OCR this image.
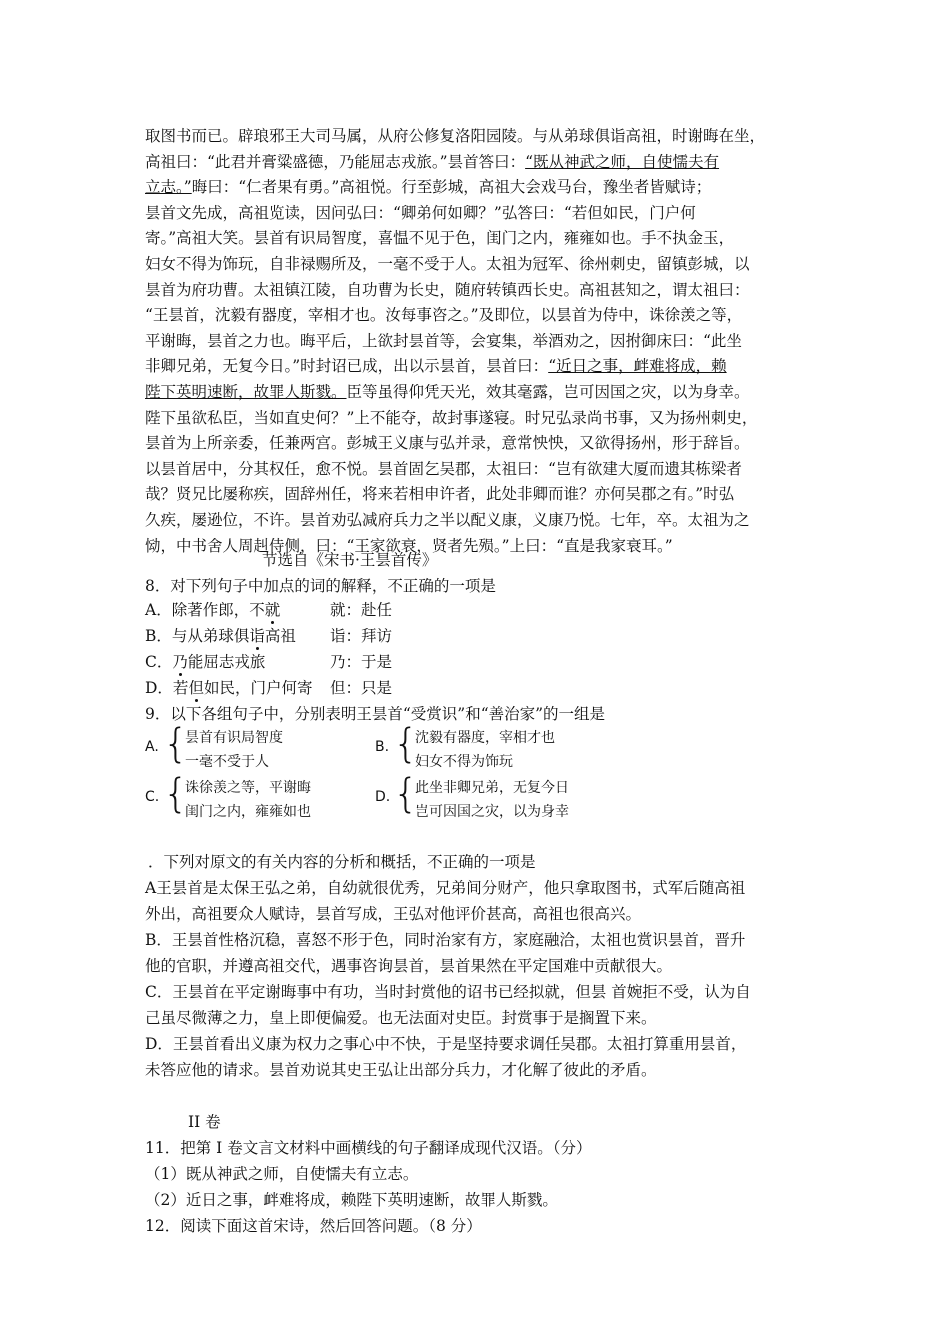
取图书而已。辟琅邪王大司马属，从府公修复洛阳园陵。与从弟球俱诣高祖，时谢晦在坐，

高祖曰：“此君并膏粱盛德，乃能屈志戎旅。”昙首答曰：“既从神武之师，自使懦夫有

立志。”晦曰：“仁者果有勇。”高祖悦。行至彭城，高祖大会戏马台，豫坐者皆赋诗；

昙首文先成，高祖览读，因问弘曰：“卿弟何如卿？”弘答曰：“若但如民，门户何

寄。”高祖大笑。昙首有识局智度，喜愠不见于色，闺门之内，雍雍如也。手不执金玉，

妇女不得为饰玩，自非禄赐所及，一毫不受于人。太祖为冠军、徐州刺史，留镇彭城，以

昙首为府功曹。太祖镇江陵，自功曹为长史，随府转镇西长史。高祖甚知之，谓太祖曰：

“王昙首，沈毅有器度，宰相才也。汝每事咨之。”及即位，以昙首为侍中，诛徐羡之等，

平谢晦，昙首之力也。晦平后，上欲封昙首等，会宴集，举酒劝之，因拊御床曰：“此坐

非卿兄弟，无复今日。”时封诏已成，出以示昙首，昙首曰：“近日之事，衅难将成，赖

陛下英明速断，故罪人斯戮。臣等虽得仰凭天光，效其毫露，岂可因国之灾，以为身幸。

陛下虽欲私臣，当如直史何？”上不能夺，故封事遂寝。时兄弘录尚书事，又为扬州刺史，

昙首为上所亲委，任兼两宫。彭城王义康与弘并录，意常怏怏，又欲得扬州，形于辞旨。

以昙首居中，分其权任，愈不悦。昙首固乞吴郡，太祖曰：“岂有欲建大厦而遗其栋梁者

哉？贤兄比屡称疾，固辞州任，将来若相申许者，此处非卿而谁？亦何吴郡之有。”时弘

久疾，屡逊位，不许。昙首劝弘减府兵力之半以配义康，义康乃悦。七年，卒。太祖为之

恸，中书舍人周赳侍侧，曰：“王家欲衰，贤者先殒。”上曰：“直是我家衰耳。”

节选自《宋书·王昙首传》
8．对下列句子中加点的词的解释，不正确的一项是
A．除著作郎，不就	就：赴任
B．与从弟球俱诣高祖 诣：拜访
C．乃能屈志戎旅	乃：于是
D．若但如民，门户何寄 但：只是
9．以下各组句子中，分别表明王昙首“受赏识”和“善治家”的一组是
A. {
昙首有识局智度
一毫不受于人
B. {
沈毅有器度，宰相才也
妇女不得为饰玩
C. {
诛徐羡之等，平谢晦
闺门之内，雍雍如也
D. {
此坐非卿兄弟，无复今日
岂可因国之灾，以为身幸
．下列对原文的有关内容的分析和概括，不正确的一项是
A王昙首是太保王弘之弟，自幼就很优秀，兄弟间分财产，他只拿取图书，式军后随高祖
外出，高祖要众人赋诗，昙首写成，王弘对他评价甚高，高祖也很高兴。
B．王昙首性格沉稳，喜怒不形于色，同时治家有方，家庭融洽，太祖也赏识昙首，晋升
他的官职，并遵高祖交代，遇事咨询昙首，昙首果然在平定国难中贡献很大。
C．王昙首在平定谢晦事中有功，当时封赏他的诏书已经拟就，但昙 首婉拒不受，认为自
己虽尽微薄之力，皇上即便偏爱。也无法面对史臣。封赏事于是搁置下来。
D．王昙首看出义康为权力之事心中不快，于是坚持要求调任吴郡。太祖打算重用昙首，
未答应他的请求。昙首劝说其史王弘让出部分兵力，才化解了彼此的矛盾。
II 卷
11．把第 I 卷文言文材料中画横线的句子翻译成现代汉语。（分）
（1）既从神武之师，自使懦夫有立志。
（2）近日之事，衅难将成，赖陛下英明速断，故罪人斯戮。
12．阅读下面这首宋诗，然后回答问题。（8 分）
